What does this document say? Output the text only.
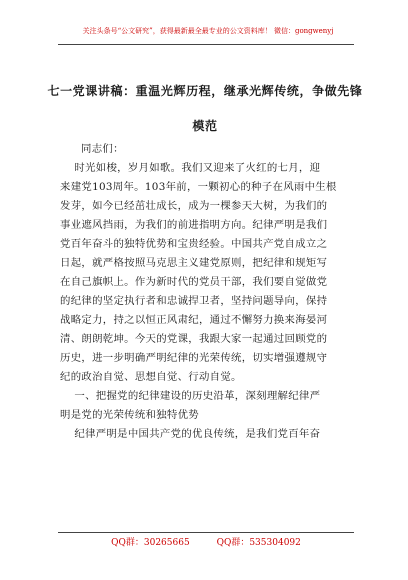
关注头条号“公文研究”，获得最新最全最专业的公文资料库！ 微信：gongwenyj
七一党课讲稿：重温光辉历程，继承光辉传统，争做先锋
模范
同志们：
时光如梭，岁月如歌。我们又迎来了火红的七月，迎
来建党103周年。103年前，一颗初心的种子在风雨中生根
发芽，如今已经茁壮成长，成为一棵参天大树，为我们的
事业遮风挡雨，为我们的前进指明方向。纪律严明是我们
党百年奋斗的独特优势和宝贵经验。中国共产党自成立之
日起，就严格按照马克思主义建党原则，把纪律和规矩写
在自己旗帜上。作为新时代的党员干部，我们要自觉做党
的纪律的坚定执行者和忠诚捍卫者，坚持问题导向，保持
战略定力，持之以恒正风肃纪，通过不懈努力换来海晏河
清、朗朗乾坤。今天的党课，我跟大家一起通过回顾党的
历史，进一步明确严明纪律的光荣传统，切实增强遵规守
纪的政治自觉、思想自觉、行动自觉。
一、把握党的纪律建设的历史沿革，深刻理解纪律严
明是党的光荣传统和独特优势
纪律严明是中国共产党的优良传统，是我们党百年奋
QQ群：30265665	QQ群：535304092
